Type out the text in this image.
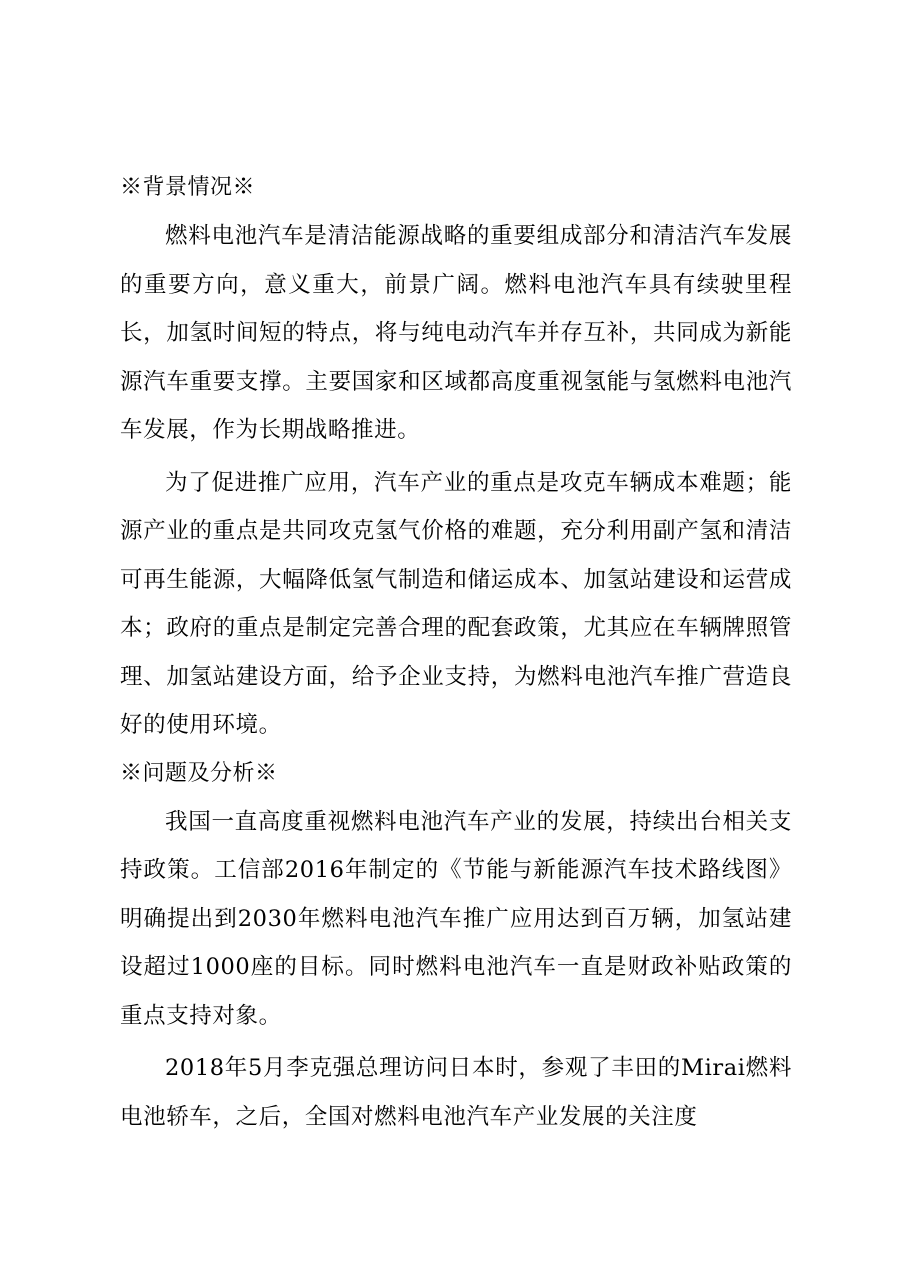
※背景情况※

燃料电池汽车是清洁能源战略的重要组成部分和清洁汽车发展的重要方向，意义重大，前景广阔。燃料电池汽车具有续驶里程长，加氢时间短的特点，将与纯电动汽车并存互补，共同成为新能源汽车重要支撑。主要国家和区域都高度重视氢能与氢燃料电池汽车发展，作为长期战略推进。

为了促进推广应用，汽车产业的重点是攻克车辆成本难题；能源产业的重点是共同攻克氢气价格的难题，充分利用副产氢和清洁可再生能源，大幅降低氢气制造和储运成本、加氢站建设和运营成本；政府的重点是制定完善合理的配套政策，尤其应在车辆牌照管理、加氢站建设方面，给予企业支持，为燃料电池汽车推广营造良好的使用环境。

※问题及分析※

我国一直高度重视燃料电池汽车产业的发展，持续出台相关支持政策。工信部2016年制定的《节能与新能源汽车技术路线图》明确提出到2030年燃料电池汽车推广应用达到百万辆，加氢站建设超过1000座的目标。同时燃料电池汽车一直是财政补贴政策的重点支持对象。

2018年5月李克强总理访问日本时，参观了丰田的Mirai燃料电池轿车，之后，全国对燃料电池汽车产业发展的关注度
